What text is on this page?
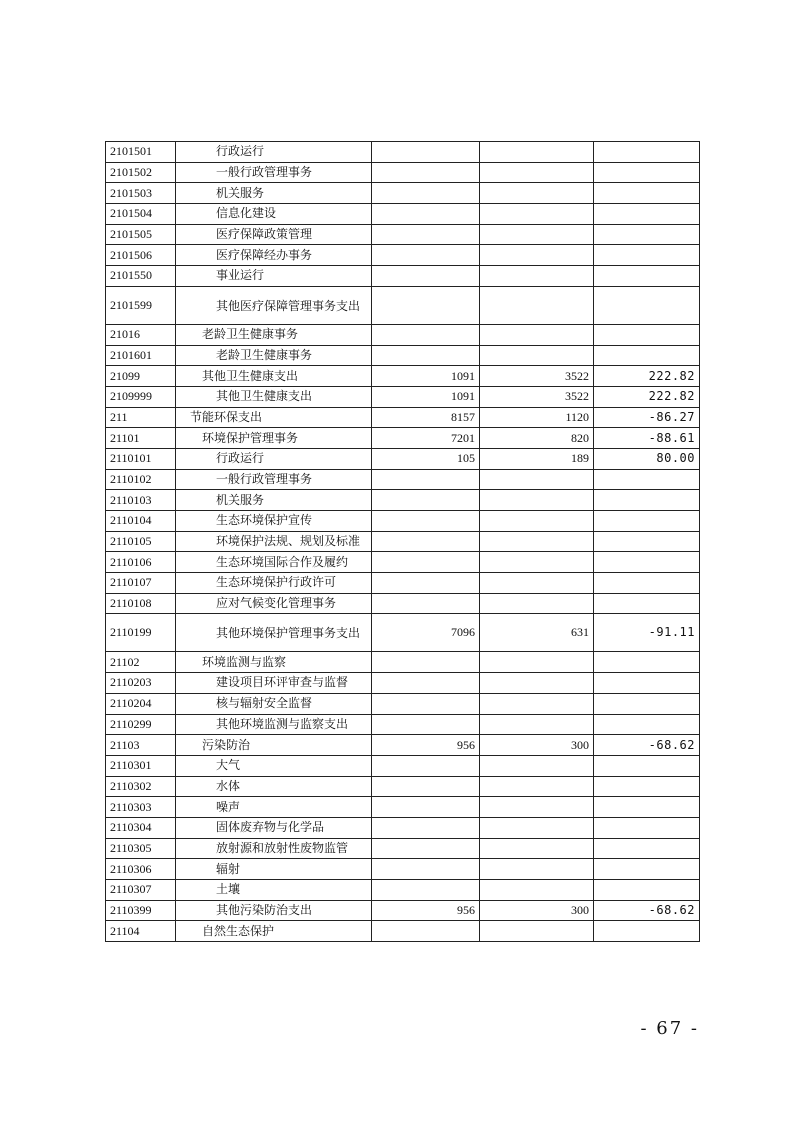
2101501	行政运行			
2101502	一般行政管理事务			
2101503	机关服务			
2101504	信息化建设			
2101505	医疗保障政策管理			
2101506	医疗保障经办事务			
2101550	事业运行			
2101599	其他医疗保障管理事务支出			
21016	老龄卫生健康事务			
2101601	老龄卫生健康事务			
21099	其他卫生健康支出	1091	3522	222.82
2109999	其他卫生健康支出	1091	3522	222.82
211	节能环保支出	8157	1120	-86.27
21101	环境保护管理事务	7201	820	-88.61
2110101	行政运行	105	189	80.00
2110102	一般行政管理事务			
2110103	机关服务			
2110104	生态环境保护宣传			
2110105	环境保护法规、规划及标准			
2110106	生态环境国际合作及履约			
2110107	生态环境保护行政许可			
2110108	应对气候变化管理事务			
2110199	其他环境保护管理事务支出	7096	631	-91.11
21102	环境监测与监察			
2110203	建设项目环评审查与监督			
2110204	核与辐射安全监督			
2110299	其他环境监测与监察支出			
21103	污染防治	956	300	-68.62
2110301	大气			
2110302	水体			
2110303	噪声			
2110304	固体废弃物与化学品			
2110305	放射源和放射性废物监管			
2110306	辐射			
2110307	土壤			
2110399	其他污染防治支出	956	300	-68.62
21104	自然生态保护			
- 67 -
